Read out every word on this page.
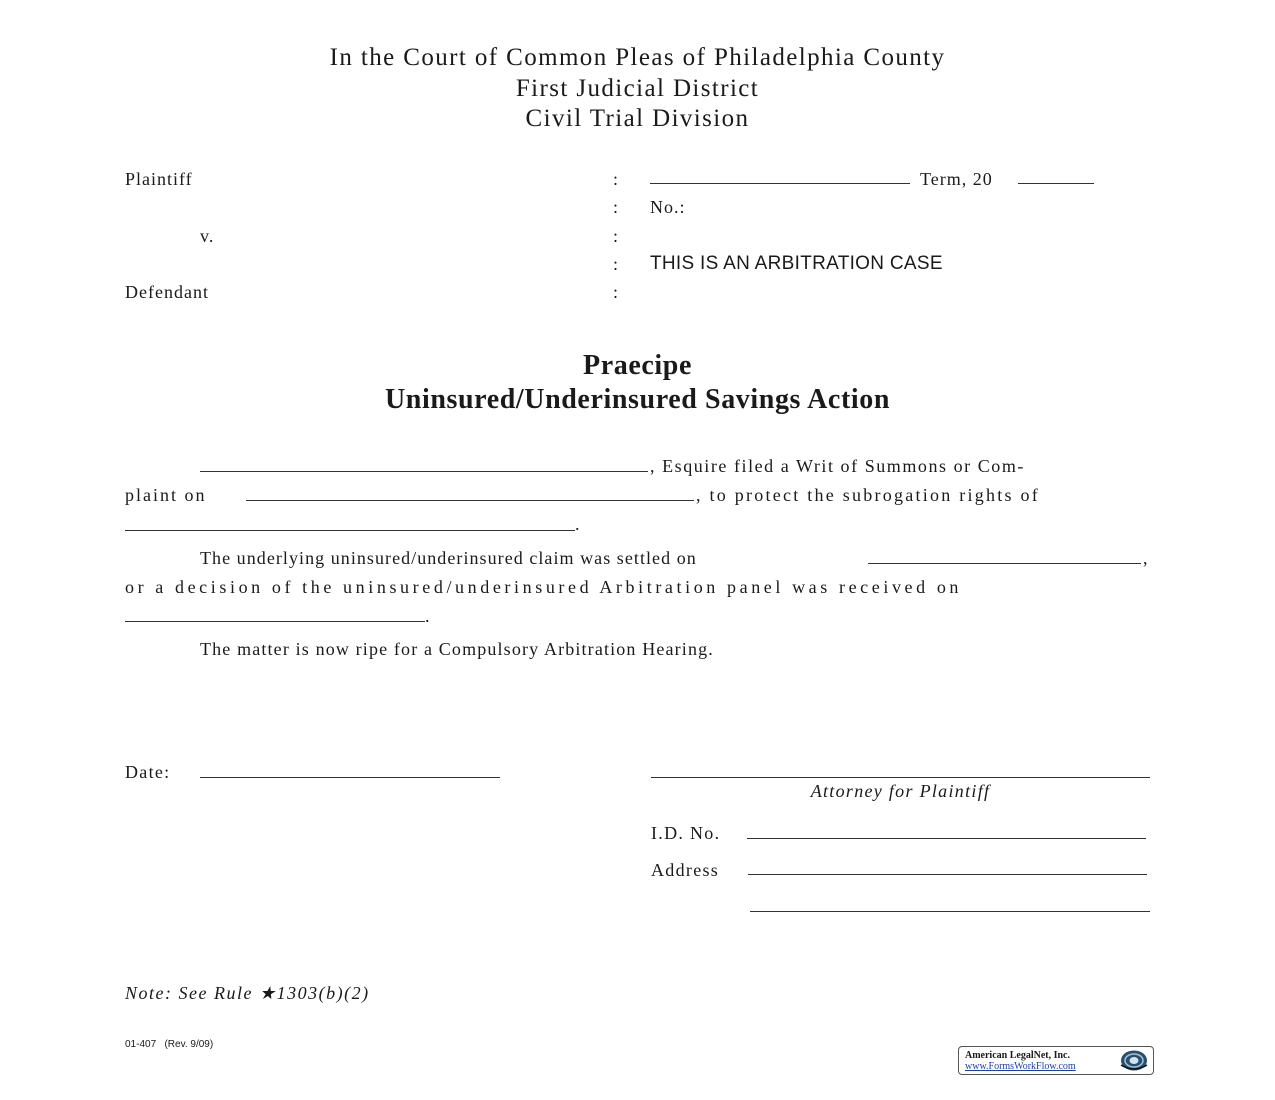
In the Court of Common Pleas of Philadelphia County
First Judicial District
Civil Trial Division
Plaintiff
v.
Defendant
:
:
:
:
:
Term, 20
No.:
THIS IS AN ARBITRATION CASE
Praecipe
Uninsured/Underinsured Savings Action
, Esquire filed a Writ of Summons or Com-
plaint on	, to protect the subrogation rights of
.
The underlying uninsured/underinsured claim was settled on	,
or a decision of the uninsured/underinsured Arbitration panel was received on
.
The matter is now ripe for a Compulsory Arbitration Hearing.
Date:
Attorney for Plaintiff
I.D. No.
Address
Note: See Rule ★1303(b)(2)
01-407   (Rev. 9/09)
American LegalNet, Inc.
www.FormsWorkFlow.com
